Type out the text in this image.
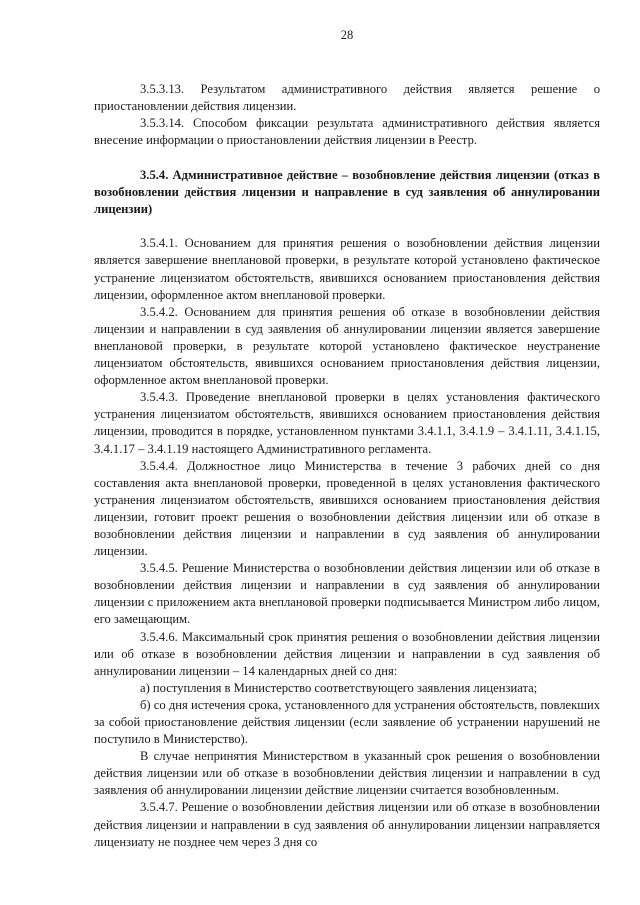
28

3.5.3.13. Результатом административного действия является решение о приостановлении действия лицензии.

3.5.3.14. Способом фиксации результата административного действия является внесение информации о приостановлении действия лицензии в Реестр.

3.5.4. Административное действие – возобновление действия лицензии (отказ в возобновлении действия лицензии и направление в суд заявления об аннулировании лицензии)

3.5.4.1. Основанием для принятия решения о возобновлении действия лицензии является завершение внеплановой проверки, в результате которой установлено фактическое устранение лицензиатом обстоятельств, явившихся основанием приостановления действия лицензии, оформленное актом внеплановой проверки.

3.5.4.2. Основанием для принятия решения об отказе в возобновлении действия лицензии и направлении в суд заявления об аннулировании лицензии является завершение внеплановой проверки, в результате которой установлено фактическое неустранение лицензиатом обстоятельств, явившихся основанием приостановления действия лицензии, оформленное актом внеплановой проверки.

3.5.4.3. Проведение внеплановой проверки в целях установления фактического устранения лицензиатом обстоятельств, явившихся основанием приостановления действия лицензии, проводится в порядке, установленном пунктами 3.4.1.1, 3.4.1.9 – 3.4.1.11, 3.4.1.15, 3.4.1.17 – 3.4.1.19 настоящего Административного регламента.

3.5.4.4. Должностное лицо Министерства в течение 3 рабочих дней со дня составления акта внеплановой проверки, проведенной в целях установления фактического устранения лицензиатом обстоятельств, явившихся основанием приостановления действия лицензии, готовит проект решения о возобновлении действия лицензии или об отказе в возобновлении действия лицензии и направлении в суд заявления об аннулировании лицензии.

3.5.4.5. Решение Министерства о возобновлении действия лицензии или об отказе в возобновлении действия лицензии и направлении в суд заявления об аннулировании лицензии с приложением акта внеплановой проверки подписывается Министром либо лицом, его замещающим.

3.5.4.6. Максимальный срок принятия решения о возобновлении действия лицензии или об отказе в возобновлении действия лицензии и направлении в суд заявления об аннулировании лицензии – 14 календарных дней со дня:

а) поступления в Министерство соответствующего заявления лицензиата;

б) со дня истечения срока, установленного для устранения обстоятельств, повлекших за собой приостановление действия лицензии (если заявление об устранении нарушений не поступило в Министерство).

В случае непринятия Министерством в указанный срок решения о возобновлении действия лицензии или об отказе в возобновлении действия лицензии и направлении в суд заявления об аннулировании лицензии действие лицензии считается возобновленным.

3.5.4.7. Решение о возобновлении действия лицензии или об отказе в возобновлении действия лицензии и направлении в суд заявления об аннулировании лицензии направляется лицензиату не позднее чем через 3 дня со
